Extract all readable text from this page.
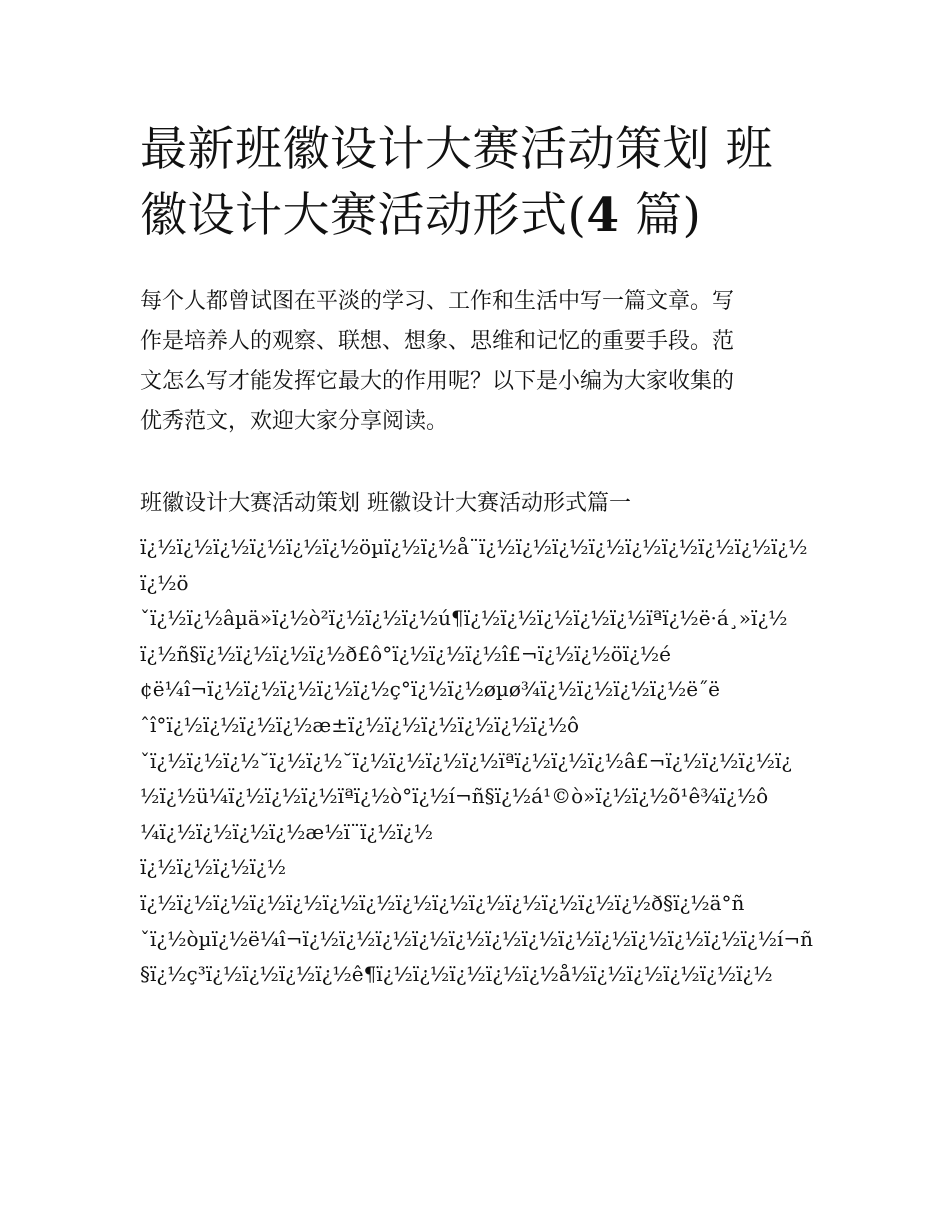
最新班徽设计大赛活动策划 班
徽设计大赛活动形式(4 篇)

每个人都曾试图在平淡的学习、工作和生活中写一篇文章。写
作是培养人的观察、联想、想象、思维和记忆的重要手段。范
文怎么写才能发挥它最大的作用呢？以下是小编为大家收集的
优秀范文，欢迎大家分享阅读。

班徽设计大赛活动策划 班徽设计大赛活动形式篇一
ï¿½ï¿½ï¿½ï¿½ï¿½ï¿½öµï¿½ï¿½å¨ï¿½ï¿½ï¿½ï¿½ï¿½ï¿½ï¿½ï¿½ï¿½
ï¿½ö
ˇï¿½ï¿½âµä»ï¿½ò²ï¿½ï¿½ï¿½ú¶ï¿½ï¿½ï¿½ï¿½ï¿½ïªï¿½ë·á¸»ï¿½
ï¿½ñ§ï¿½ï¿½ï¿½ï¿½ð£ô°ï¿½ï¿½ï¿½î£¬ï¿½ï¿½öï¿½é
¢ë¼î¬ï¿½ï¿½ï¿½ï¿½ï¿½ç°ï¿½ï¿½øµø¾ï¿½ï¿½ï¿½ï¿½ë˝ë
ˆî°ï¿½ï¿½ï¿½ï¿½æ±ï¿½ï¿½ï¿½ï¿½ï¿½ï¿½ô
ˇï¿½ï¿½ï¿½˘ï¿½ï¿½˘ï¿½ï¿½ï¿½ï¿½ïªï¿½ï¿½ï¿½â£¬ï¿½ï¿½ï¿½ï¿
½ï¿½ü¼ï¿½ï¿½ï¿½ïªï¿½ò°ï¿½í¬ñ§ï¿½á¹©ò»ï¿½ï¿½õ¹ê¾ï¿½ô
¼ï¿½ï¿½ï¿½ï¿½æ½ï¨ï¿½ï¿½
ï¿½ï¿½ï¿½ï¿½
ï¿½ï¿½ï¿½ï¿½ï¿½ï¿½ï¿½ï¿½ï¿½ï¿½ï¿½ï¿½ï¿½ï¿½ð§ï¿½ä°ñ
ˇï¿½òµï¿½ë¼î¬ï¿½ï¿½ï¿½ï¿½ï¿½ï¿½ï¿½ï¿½ï¿½ï¿½ï¿½ï¿½ï¿½í¬ñ
§ï¿½ç³ï¿½ï¿½ï¿½ï¿½ê¶ï¿½ï¿½ï¿½ï¿½ï¿½å½ï¿½ï¿½ï¿½ï¿½ï¿½
